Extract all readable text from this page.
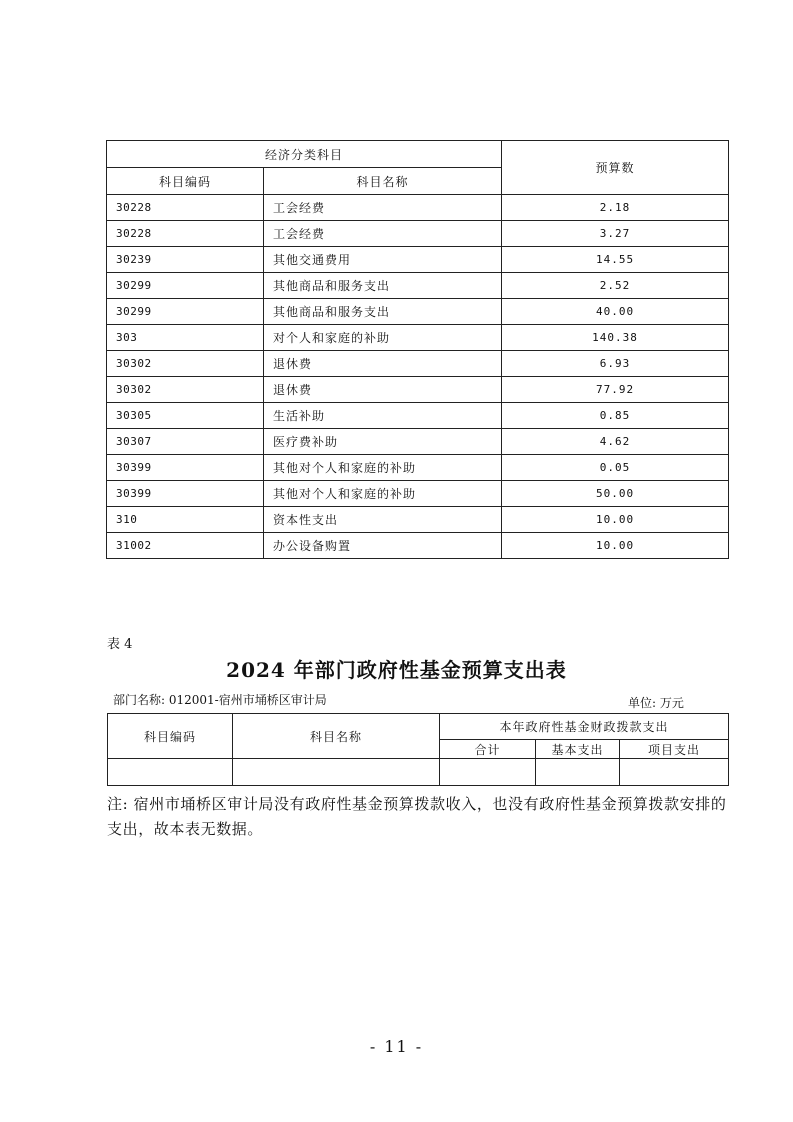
经济分类科目		预算数
科目编码	科目名称	
30228	工会经费	2.18
30228	工会经费	3.27
30239	其他交通费用	14.55
30299	其他商品和服务支出	2.52
30299	其他商品和服务支出	40.00
303	对个人和家庭的补助	140.38
30302	退休费	6.93
30302	退休费	77.92
30305	生活补助	0.85
30307	医疗费补助	4.62
30399	其他对个人和家庭的补助	0.05
30399	其他对个人和家庭的补助	50.00
310	资本性支出	10.00
31002	办公设备购置	10.00
表 4
2024 年部门政府性基金预算支出表
部门名称: 012001-宿州市埇桥区审计局	单位: 万元
科目编码	科目名称	本年政府性基金财政拨款支出		
		合计	基本支出	项目支出

注: 宿州市埇桥区审计局没有政府性基金预算拨款收入，也没有政府性基金预算拨款安排的支出，故本表无数据。
- 11 -
